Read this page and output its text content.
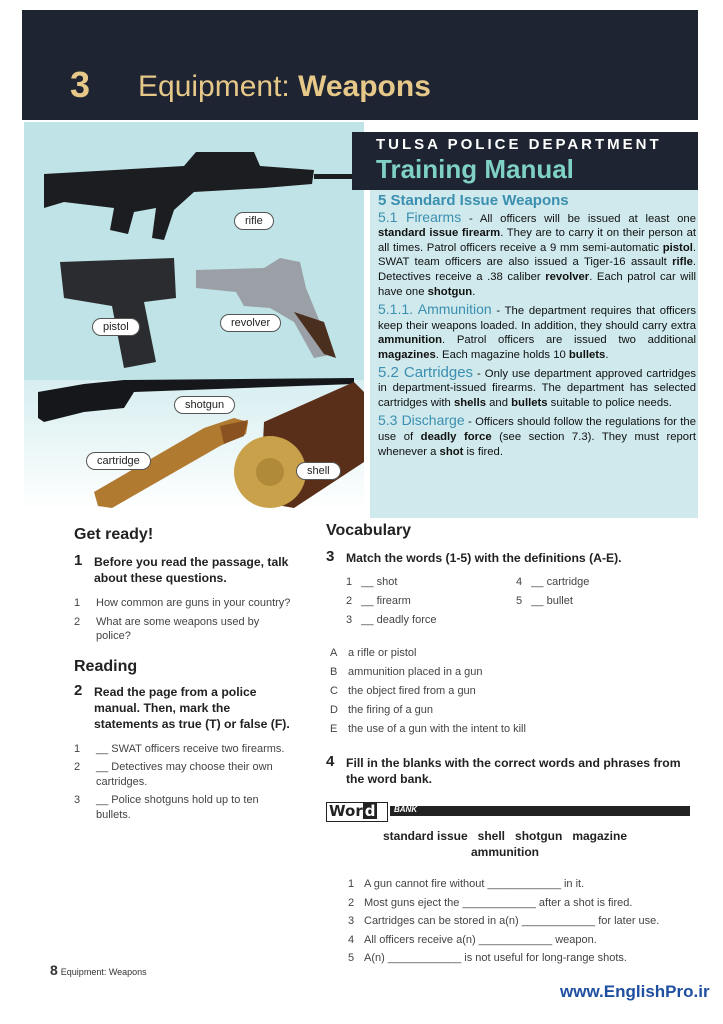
3 Equipment: Weapons
rifle
pistol	revolver
shotgun
cartridge
shell
TULSA POLICE DEPARTMENT
Training Manual
5 Standard Issue Weapons

5.1 Firearms - All officers will be issued at least one standard issue firearm. They are to carry it on their person at all times. Patrol officers receive a 9 mm semi-automatic pistol. SWAT team officers are also issued a Tiger-16 assault rifle. Detectives receive a .38 caliber revolver. Each patrol car will have one shotgun.

5.1.1. Ammunition - The department requires that officers keep their weapons loaded. In addition, they should carry extra ammunition. Patrol officers are issued two additional magazines. Each magazine holds 10 bullets.

5.2 Cartridges - Only use department approved cartridges in department-issued firearms. The department has selected cartridges with shells and bullets suitable to police needs.

5.3 Discharge - Officers should follow the regulations for the use of deadly force (see section 7.3). They must report whenever a shot is fired.

Get ready!
1 Before you read the passage, talk about these questions.
1 How common are guns in your country?
2 What are some weapons used by police?
Reading
2 Read the page from a police manual. Then, mark the statements as true (T) or false (F).
1 __ SWAT officers receive two firearms.
2 __ Detectives may choose their own cartridges.
3 __ Police shotguns hold up to ten bullets.
Vocabulary
3 Match the words (1-5) with the definitions (A-E).
1 __ shot
2 __ firearm
3 __ deadly force
4 __ cartridge
5 __ bullet
A a rifle or pistol
B ammunition placed in a gun
C the object fired from a gun
D the firing of a gun
E the use of a gun with the intent to kill
4 Fill in the blanks with the correct words and phrases from the word bank.
Wor d	BANK
standard issue   shell   shotgun   magazine
ammunition
1 A gun cannot fire without ____________ in it.
2 Most guns eject the ____________ after a shot is fired.
3 Cartridges can be stored in a(n) ____________ for later use.
4 All officers receive a(n) ____________ weapon.
5 A(n) ____________ is not useful for long-range shots.
8 Equipment: Weapons
www.EnglishPro.ir
